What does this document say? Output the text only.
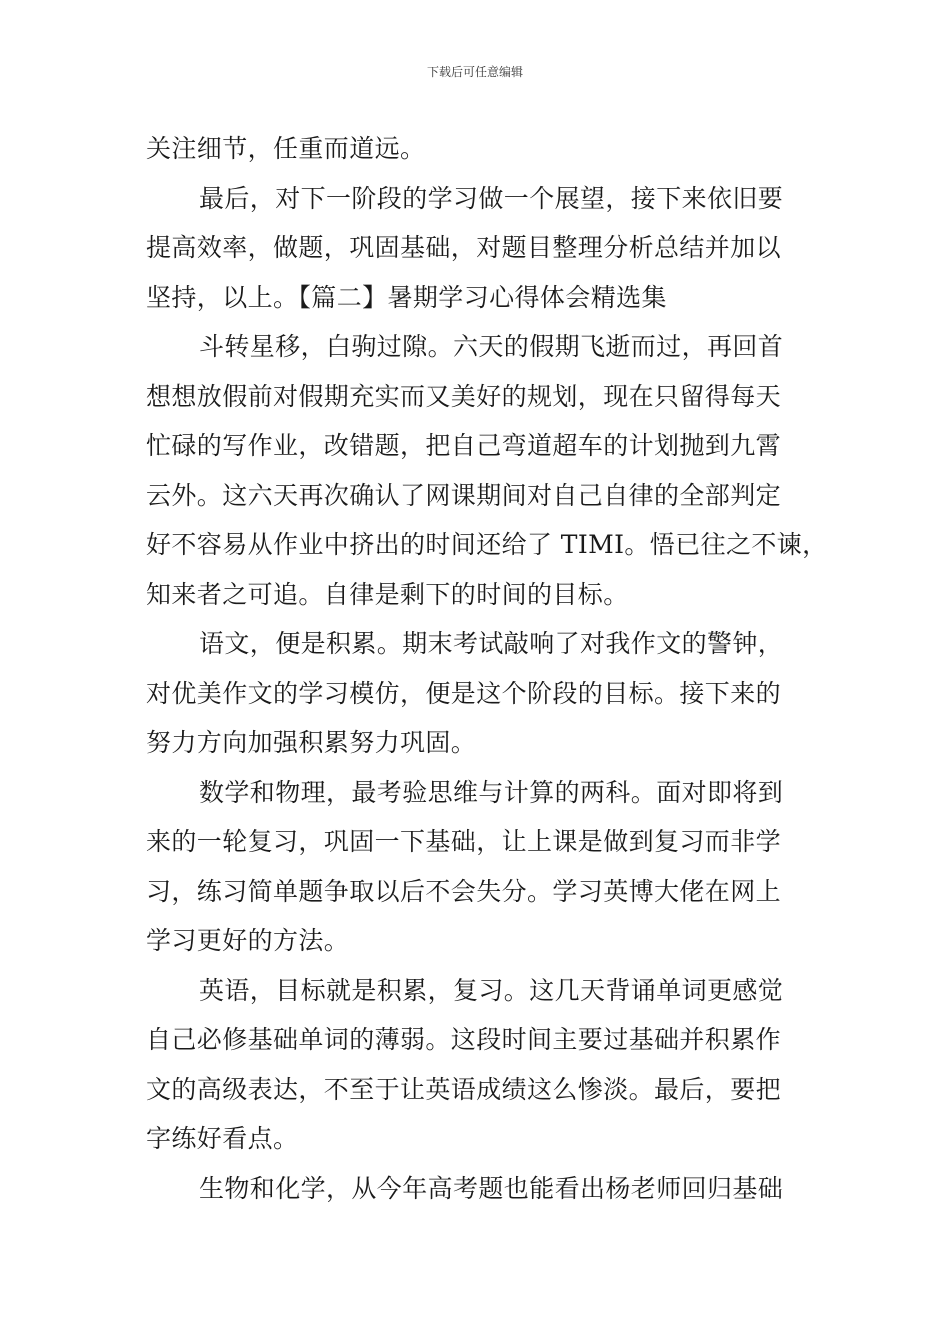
下载后可任意编辑
关注细节，任重而道远。
最后，对下一阶段的学习做一个展望，接下来依旧要
提高效率，做题，巩固基础，对题目整理分析总结并加以
坚持，以上。【篇二】暑期学习心得体会精选集
斗转星移，白驹过隙。六天的假期飞逝而过，再回首
想想放假前对假期充实而又美好的规划，现在只留得每天
忙碌的写作业，改错题，把自己弯道超车的计划抛到九霄
云外。这六天再次确认了网课期间对自己自律的全部判定
好不容易从作业中挤出的时间还给了 TIMI。悟已往之不谏，
知来者之可追。自律是剩下的时间的目标。
语文，便是积累。期末考试敲响了对我作文的警钟，
对优美作文的学习模仿，便是这个阶段的目标。接下来的
努力方向加强积累努力巩固。
数学和物理，最考验思维与计算的两科。面对即将到
来的一轮复习，巩固一下基础，让上课是做到复习而非学
习，练习简单题争取以后不会失分。学习英博大佬在网上
学习更好的方法。
英语，目标就是积累，复习。这几天背诵单词更感觉
自己必修基础单词的薄弱。这段时间主要过基础并积累作
文的高级表达，不至于让英语成绩这么惨淡。最后，要把
字练好看点。
生物和化学，从今年高考题也能看出杨老师回归基础
